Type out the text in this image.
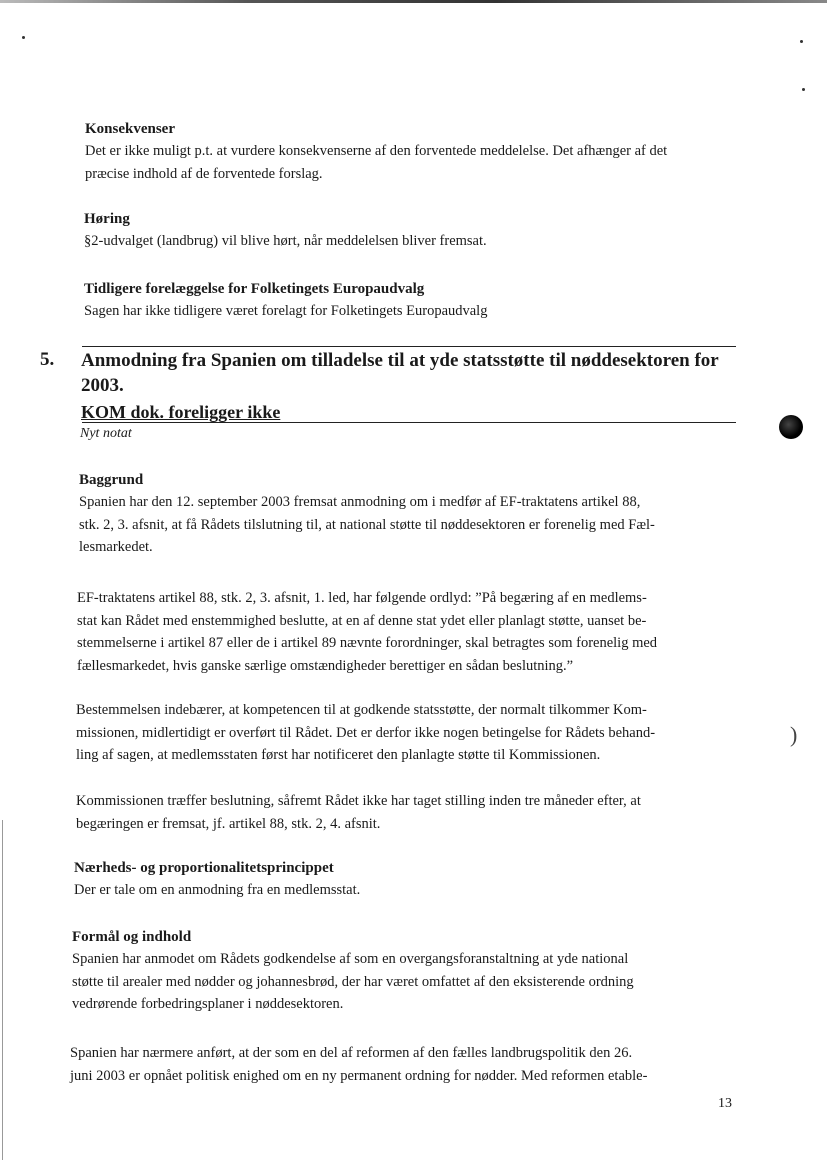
Konsekvenser
Det er ikke muligt p.t. at vurdere konsekvenserne af den forventede meddelelse. Det afhænger af det
præcise indhold af de forventede forslag.
Høring
§2-udvalget (landbrug) vil blive hørt, når meddelelsen bliver fremsat.
Tidligere forelæggelse for Folketingets Europaudvalg
Sagen har ikke tidligere været forelagt for Folketingets Europaudvalg
5. Anmodning fra Spanien om tilladelse til at yde statsstøtte til nøddesektoren for
2003.
KOM dok. foreligger ikke
Nyt notat
Baggrund
Spanien har den 12. september 2003 fremsat anmodning om i medfør af EF-traktatens artikel 88,
stk. 2, 3. afsnit, at få Rådets tilslutning til, at national støtte til nøddesektoren er forenelig med Fæl-
lesmarkedet.
EF-traktatens artikel 88, stk. 2, 3. afsnit, 1. led, har følgende ordlyd: ”På begæring af en medlems-
stat kan Rådet med enstemmighed beslutte, at en af denne stat ydet eller planlagt støtte, uanset be-
stemmelserne i artikel 87 eller de i artikel 89 nævnte forordninger, skal betragtes som forenelig med
fællesmarkedet, hvis ganske særlige omstændigheder berettiger en sådan beslutning.”
Bestemmelsen indebærer, at kompetencen til at godkende statsstøtte, der normalt tilkommer Kom-
missionen, midlertidigt er overført til Rådet. Det er derfor ikke nogen betingelse for Rådets behand-
ling af sagen, at medlemsstaten først har notificeret den planlagte støtte til Kommissionen.
)
Kommissionen træffer beslutning, såfremt Rådet ikke har taget stilling inden tre måneder efter, at
begæringen er fremsat, jf. artikel 88, stk. 2, 4. afsnit.
Nærheds- og proportionalitetsprincippet
Der er tale om en anmodning fra en medlemsstat.
Formål og indhold
Spanien har anmodet om Rådets godkendelse af som en overgangsforanstaltning at yde national
støtte til arealer med nødder og johannesbrød, der har været omfattet af den eksisterende ordning
vedrørende forbedringsplaner i nøddesektoren.
Spanien har nærmere anført, at der som en del af reformen af den fælles landbrugspolitik den 26.
juni 2003 er opnået politisk enighed om en ny permanent ordning for nødder. Med reformen etable-
13
